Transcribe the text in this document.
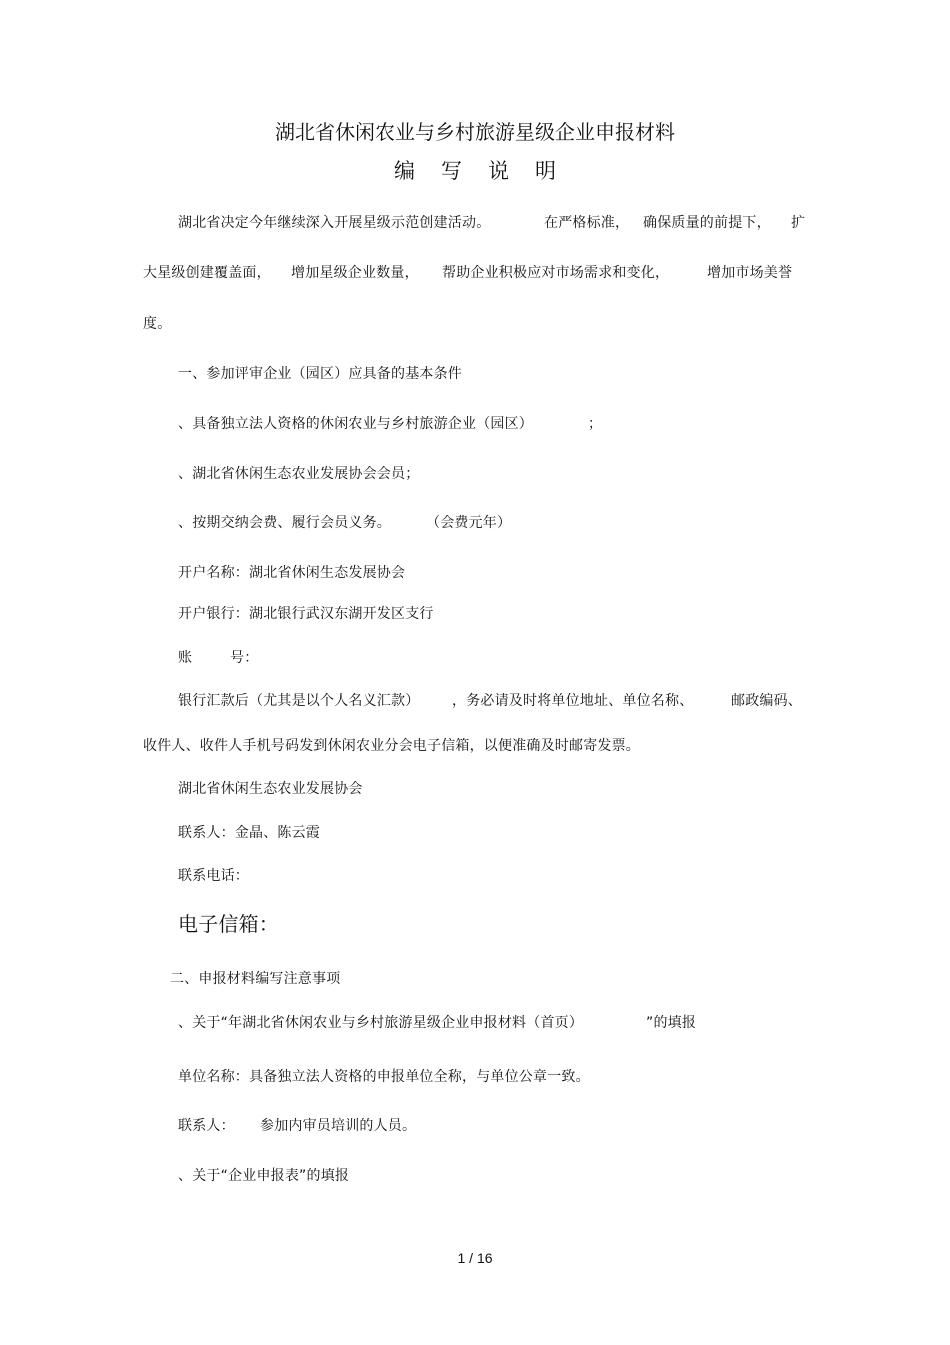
湖北省休闲农业与乡村旅游星级企业申报材料
编写说明
湖北省决定今年继续深入开展星级示范创建活动。	在严格标准， 确保质量的前提下， 扩
大星级创建覆盖面， 增加星级企业数量， 帮助企业积极应对市场需求和变化，	增加市场美誉
度。
一、参加评审企业（园区）应具备的基本条件
、具备独立法人资格的休闲农业与乡村旅游企业（园区）	；
、湖北省休闲生态农业发展协会会员；
、按期交纳会费、履行会员义务。	（会费元年）
开户名称：湖北省休闲生态发展协会
开户银行：湖北银行武汉东湖开发区支行
账	号：
银行汇款后（尤其是以个人名义汇款） ，务必请及时将单位地址、单位名称、	邮政编码、
收件人、收件人手机号码发到休闲农业分会电子信箱，以便准确及时邮寄发票。
湖北省休闲生态农业发展协会
联系人：金晶、陈云霞
联系电话：
电子信箱：
二、申报材料编写注意事项
、关于“年湖北省休闲农业与乡村旅游星级企业申报材料（首页）	”的填报
单位名称：具备独立法人资格的申报单位全称，与单位公章一致。
联系人： 参加内审员培训的人员。
、关于“企业申报表”的填报
1 / 16
